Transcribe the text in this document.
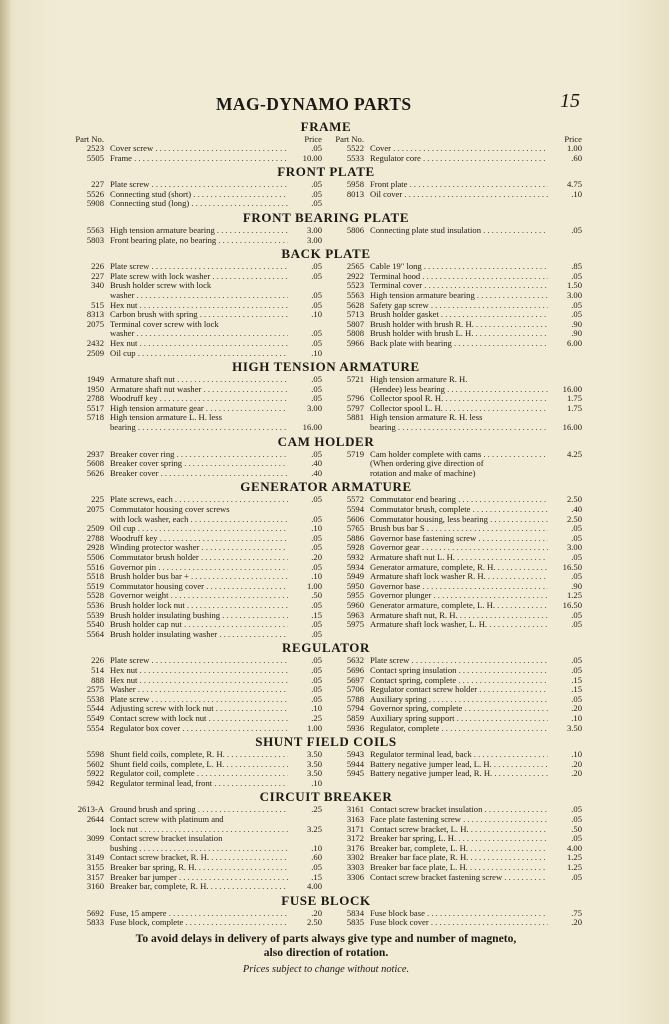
MAG-DYNAMO PARTS	15
FRAME
Part No.	Price
2523 Cover screw . . .	.05
5505 Frame . . .	10.00
Part No.	Price
5522 Cover . . .	1.00
5533 Regulator core . . .	.60
FRONT PLATE
227 Plate screw . . .	.05
5526 Connecting stud (short) . . .	.05
5908 Connecting stud (long) . . .	.05
5958 Front plate . . .	4.75
8013 Oil cover . . .	.10
FRONT BEARING PLATE
5563 High tension armature bearing . . .	3.00
5803 Front bearing plate, no bearing . . .	3.00
5806 Connecting plate stud insulation . . .	.05
BACK PLATE
226 Plate screw . . .	.05
227 Plate screw with lock washer . . .	.05
340 Brush holder screw with lock
washer . . .	.05
515 Hex nut . . .	.05
8313 Carbon brush with spring . . .	.10
2075 Terminal cover screw with lock
washer . . .	.05
2432 Hex nut . . .	.05
2509 Oil cup . . .	.10
2565 Cable 19" long . . .	.85
2922 Terminal hood . . .	.05
5523 Terminal cover . . .	1.50
5563 High tension armature bearing . . .	3.00
5628 Safety gap screw . . .	.05
5713 Brush holder gasket . . .	.05
5807 Brush holder with brush R. H. . . .	.90
5808 Brush holder with brush L. H. . . .	.90
5966 Back plate with bearing . . .	6.00
HIGH TENSION ARMATURE
1949 Armature shaft nut . . .	.05
1950 Armature shaft nut washer . . .	.05
2788 Woodruff key . . .	.05
5517 High tension armature gear . . .	3.00
5718 High tension armature L. H. less
bearing . . .	16.00
5721 High tension armature R. H.
(Hendee) less bearing . . .	16.00
5796 Collector spool R. H. . . .	1.75
5797 Collector spool L. H. . . .	1.75
5881 High tension armature R. H. less
bearing . . .	16.00
CAM HOLDER
2937 Breaker cover ring . . .	.05
5608 Breaker cover spring . . .	.40
5626 Breaker cover . . .	.40
5719 Cam holder complete with cams . . .	4.25
(When ordering give direction of
rotation and make of machine)
GENERATOR ARMATURE
225 Plate screws, each . . .	.05
2075 Commutator housing cover screws
with lock washer, each . . .	.05
2509 Oil cup . . .	.10
2788 Woodruff key . . .	.05
2928 Winding protector washer . . .	.05
5506 Commutator brush holder . . .	.20
5516 Governor pin . . .	.05
5518 Brush holder bus bar + . . .	.10
5519 Commutator housing cover . . .	1.00
5528 Governor weight . . .	.50
5536 Brush holder lock nut . . .	.05
5539 Brush holder insulating bushing . . .	.15
5540 Brush holder cap nut . . .	.05
5564 Brush holder insulating washer . . .	.05
5572 Commutator end bearing . . .	2.50
5594 Commutator brush, complete . . .	.40
5606 Commutator housing, less bearing . . .	2.50
5765 Brush bus bar S . . .	.05
5886 Governor base fastening screw . . .	.05
5928 Governor gear . . .	3.00
5932 Armature shaft nut L. H. . . .	.05
5934 Generator armature, complete, R. H. . . .	16.50
5949 Armature shaft lock washer R. H. . . .	.05
5950 Governor base . . .	.90
5955 Governor plunger . . .	1.25
5960 Generator armature, complete, L. H. . . .	16.50
5963 Armature shaft nut, R. H. . . .	.05
5975 Armature shaft lock washer, L. H. . . .	.05
REGULATOR
226 Plate screw . . .	.05
514 Hex nut . . .	.05
888 Hex nut . . .	.05
2575 Washer . . .	.05
5538 Plate screw . . .	.05
5544 Adjusting screw with lock nut . . .	.10
5549 Contact screw with lock nut . . .	.25
5554 Regulator box cover . . .	1.00
5632 Plate screw . . .	.05
5696 Contact spring insulation . . .	.05
5697 Contact spring, complete . . .	.15
5706 Regulator contact screw holder . . .	.15
5788 Auxiliary spring . . .	.05
5794 Governor spring, complete . . .	.20
5859 Auxiliary spring support . . .	.10
5936 Regulator, complete . . .	3.50
SHUNT FIELD COILS
5598 Shunt field coils, complete, R. H. . . .	3.50
5602 Shunt field coils, complete, L. H. . . .	3.50
5922 Regulator coil, complete . . .	3.50
5942 Regulator terminal lead, front . . .	.10
5943 Regulator terminal lead, back . . .	.10
5944 Battery negative jumper lead, L. H. . . .	.20
5945 Battery negative jumper lead, R. H. . . .	.20
CIRCUIT BREAKER
2613-A Ground brush and spring . . .	.25
2644 Contact screw with platinum and
lock nut . . .	3.25
3099 Contact screw bracket insulation
bushing . . .	.10
3149 Contact screw bracket, R. H. . . .	.60
3155 Breaker bar spring, R. H. . . .	.05
3157 Breaker bar jumper . . .	.15
3160 Breaker bar, complete, R. H. . . .	4.00
3161 Contact screw bracket insulation . . .	.05
3163 Face plate fastening screw . . .	.05
3171 Contact screw bracket, L. H. . . .	.50
3172 Breaker bar spring, L. H. . . .	.05
3176 Breaker bar, complete, L. H. . . .	4.00
3302 Breaker bar face plate, R. H. . . .	1.25
3303 Breaker bar face plate, L. H. . . .	1.25
3306 Contact screw bracket fastening screw . . .	.05
FUSE BLOCK
5692 Fuse, 15 ampere . . .	.20
5833 Fuse block, complete . . .	2.50
5834 Fuse block base . . .	.75
5835 Fuse block cover . . .	.20
To avoid delays in delivery of parts always give type and number of magneto,
also direction of rotation.
Prices subject to change without notice.
